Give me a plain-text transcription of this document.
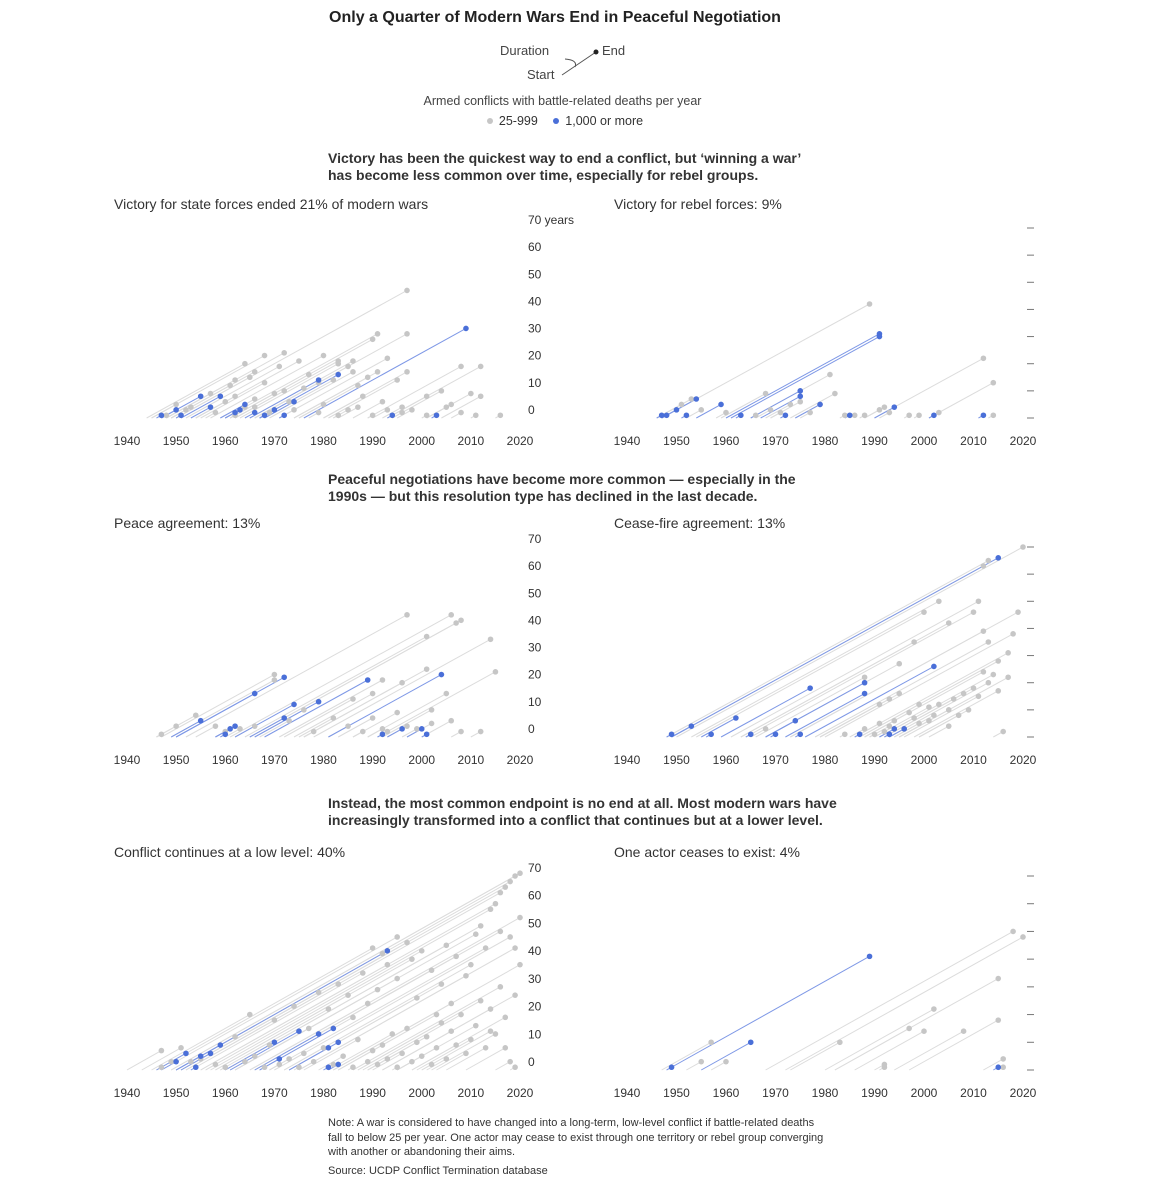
Only a Quarter of Modern Wars End in Peaceful Negotiation
Duration
Start
End
Armed conflicts with battle-related deaths per year
25-999 1,000 or more
Victory has been the quickest way to end a conflict, but ‘winning a war’
has become less common over time, especially for rebel groups.
Peaceful negotiations have become more common — especially in the
1990s — but this resolution type has declined in the last decade.
Instead, the most common endpoint is no end at all. Most modern wars have
increasingly transformed into a conflict that continues but at a lower level.
Victory for state forces ended 21% of modern wars
0
10
20
30
40
50
60
70 years
1940 1950 1960 1970 1980 1990 2000 2010 2020
Victory for rebel forces: 9%
1940 1950 1960 1970 1980 1990 2000 2010 2020
Peace agreement: 13%
0
10
20
30
40
50
60
70
1940 1950 1960 1970 1980 1990 2000 2010 2020
Cease-fire agreement: 13%
1940 1950 1960 1970 1980 1990 2000 2010 2020
Conflict continues at a low level: 40%
0
10
20
30
40
50
60
70
1940 1950 1960 1970 1980 1990 2000 2010 2020
One actor ceases to exist: 4%
1940 1950 1960 1970 1980 1990 2000 2010 2020
Note: A war is considered to have changed into a long-term, low-level conflict if battle-related deaths fall to below 25 per year. One actor may cease to exist through one territory or rebel group converging with another or abandoning their aims.
Source: UCDP Conflict Termination database
